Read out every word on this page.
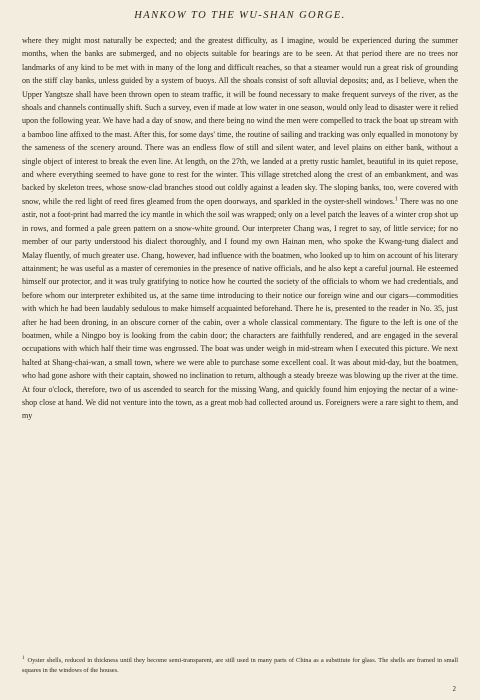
HANKOW TO THE WU-SHAN GORGE.

where they might most naturally be expected; and the greatest difficulty, as I imagine, would be experienced during the summer months, when the banks are submerged, and no objects suitable for bearings are to be seen. At that period there are no trees nor landmarks of any kind to be met with in many of the long and difficult reaches, so that a steamer would run a great risk of grounding on the stiff clay banks, unless guided by a system of buoys. All the shoals consist of soft alluvial deposits; and, as I believe, when the Upper Yangtsze shall have been thrown open to steam traffic, it will be found necessary to make frequent surveys of the river, as the shoals and channels continually shift. Such a survey, even if made at low water in one season, would only lead to disaster were it relied upon the following year. We have had a day of snow, and there being no wind the men were compelled to track the boat up stream with a bamboo line affixed to the mast. After this, for some days' time, the routine of sailing and tracking was only equalled in monotony by the sameness of the scenery around. There was an endless flow of still and silent water, and level plains on either bank, without a single object of interest to break the even line. At length, on the 27th, we landed at a pretty rustic hamlet, beautiful in its quiet repose, and where everything seemed to have gone to rest for the winter. This village stretched along the crest of an embankment, and was backed by skeleton trees, whose snow-clad branches stood out coldly against a leaden sky. The sloping banks, too, were covered with snow, while the red light of reed fires gleamed from the open doorways, and sparkled in the oyster-shell windows.$^1$ There was no one astir, not a foot-print had marred the icy mantle in which the soil was wrapped; only on a level patch the leaves of a winter crop shot up in rows, and formed a pale green pattern on a snow-white ground. Our interpreter Chang was, I regret to say, of little service; for no member of our party understood his dialect thoroughly, and I found my own Hainan men, who spoke the Kwang-tung dialect and Malay fluently, of much greater use. Chang, however, had influence with the boatmen, who looked up to him on account of his literary attainment; he was useful as a master of ceremonies in the presence of native officials, and he also kept a careful journal. He esteemed himself our protector, and it was truly gratifying to notice how he courted the society of the officials to whom we had credentials, and before whom our interpreter exhibited us, at the same time introducing to their notice our foreign wine and our cigars—commodities with which he had been laudably sedulous to make himself acquainted beforehand. There he is, presented to the reader in No. 35, just after he had been droning, in an obscure corner of the cabin, over a whole classical commentary. The figure to the left is one of the boatmen, while a Ningpo boy is looking from the cabin door; the characters are faithfully rendered, and are engaged in the several occupations with which half their time was engrossed. The boat was under weigh in mid-stream when I executed this picture. We next halted at Shang-chai-wan, a small town, where we were able to purchase some excellent coal. It was about mid-day, but the boatmen, who had gone ashore with their captain, showed no inclination to return, although a steady breeze was blowing up the river at the time. At four o'clock, therefore, two of us ascended to search for the missing Wang, and quickly found him enjoying the nectar of a wine-shop close at hand. We did not venture into the town, as a great mob had collected around us. Foreigners were a rare sight to them, and my

$^1$ Oyster shells, reduced in thickness until they become semi-transparent, are still used in many parts of China as a substitute for glass. The shells are framed in small squares in the windows of the houses.
2
